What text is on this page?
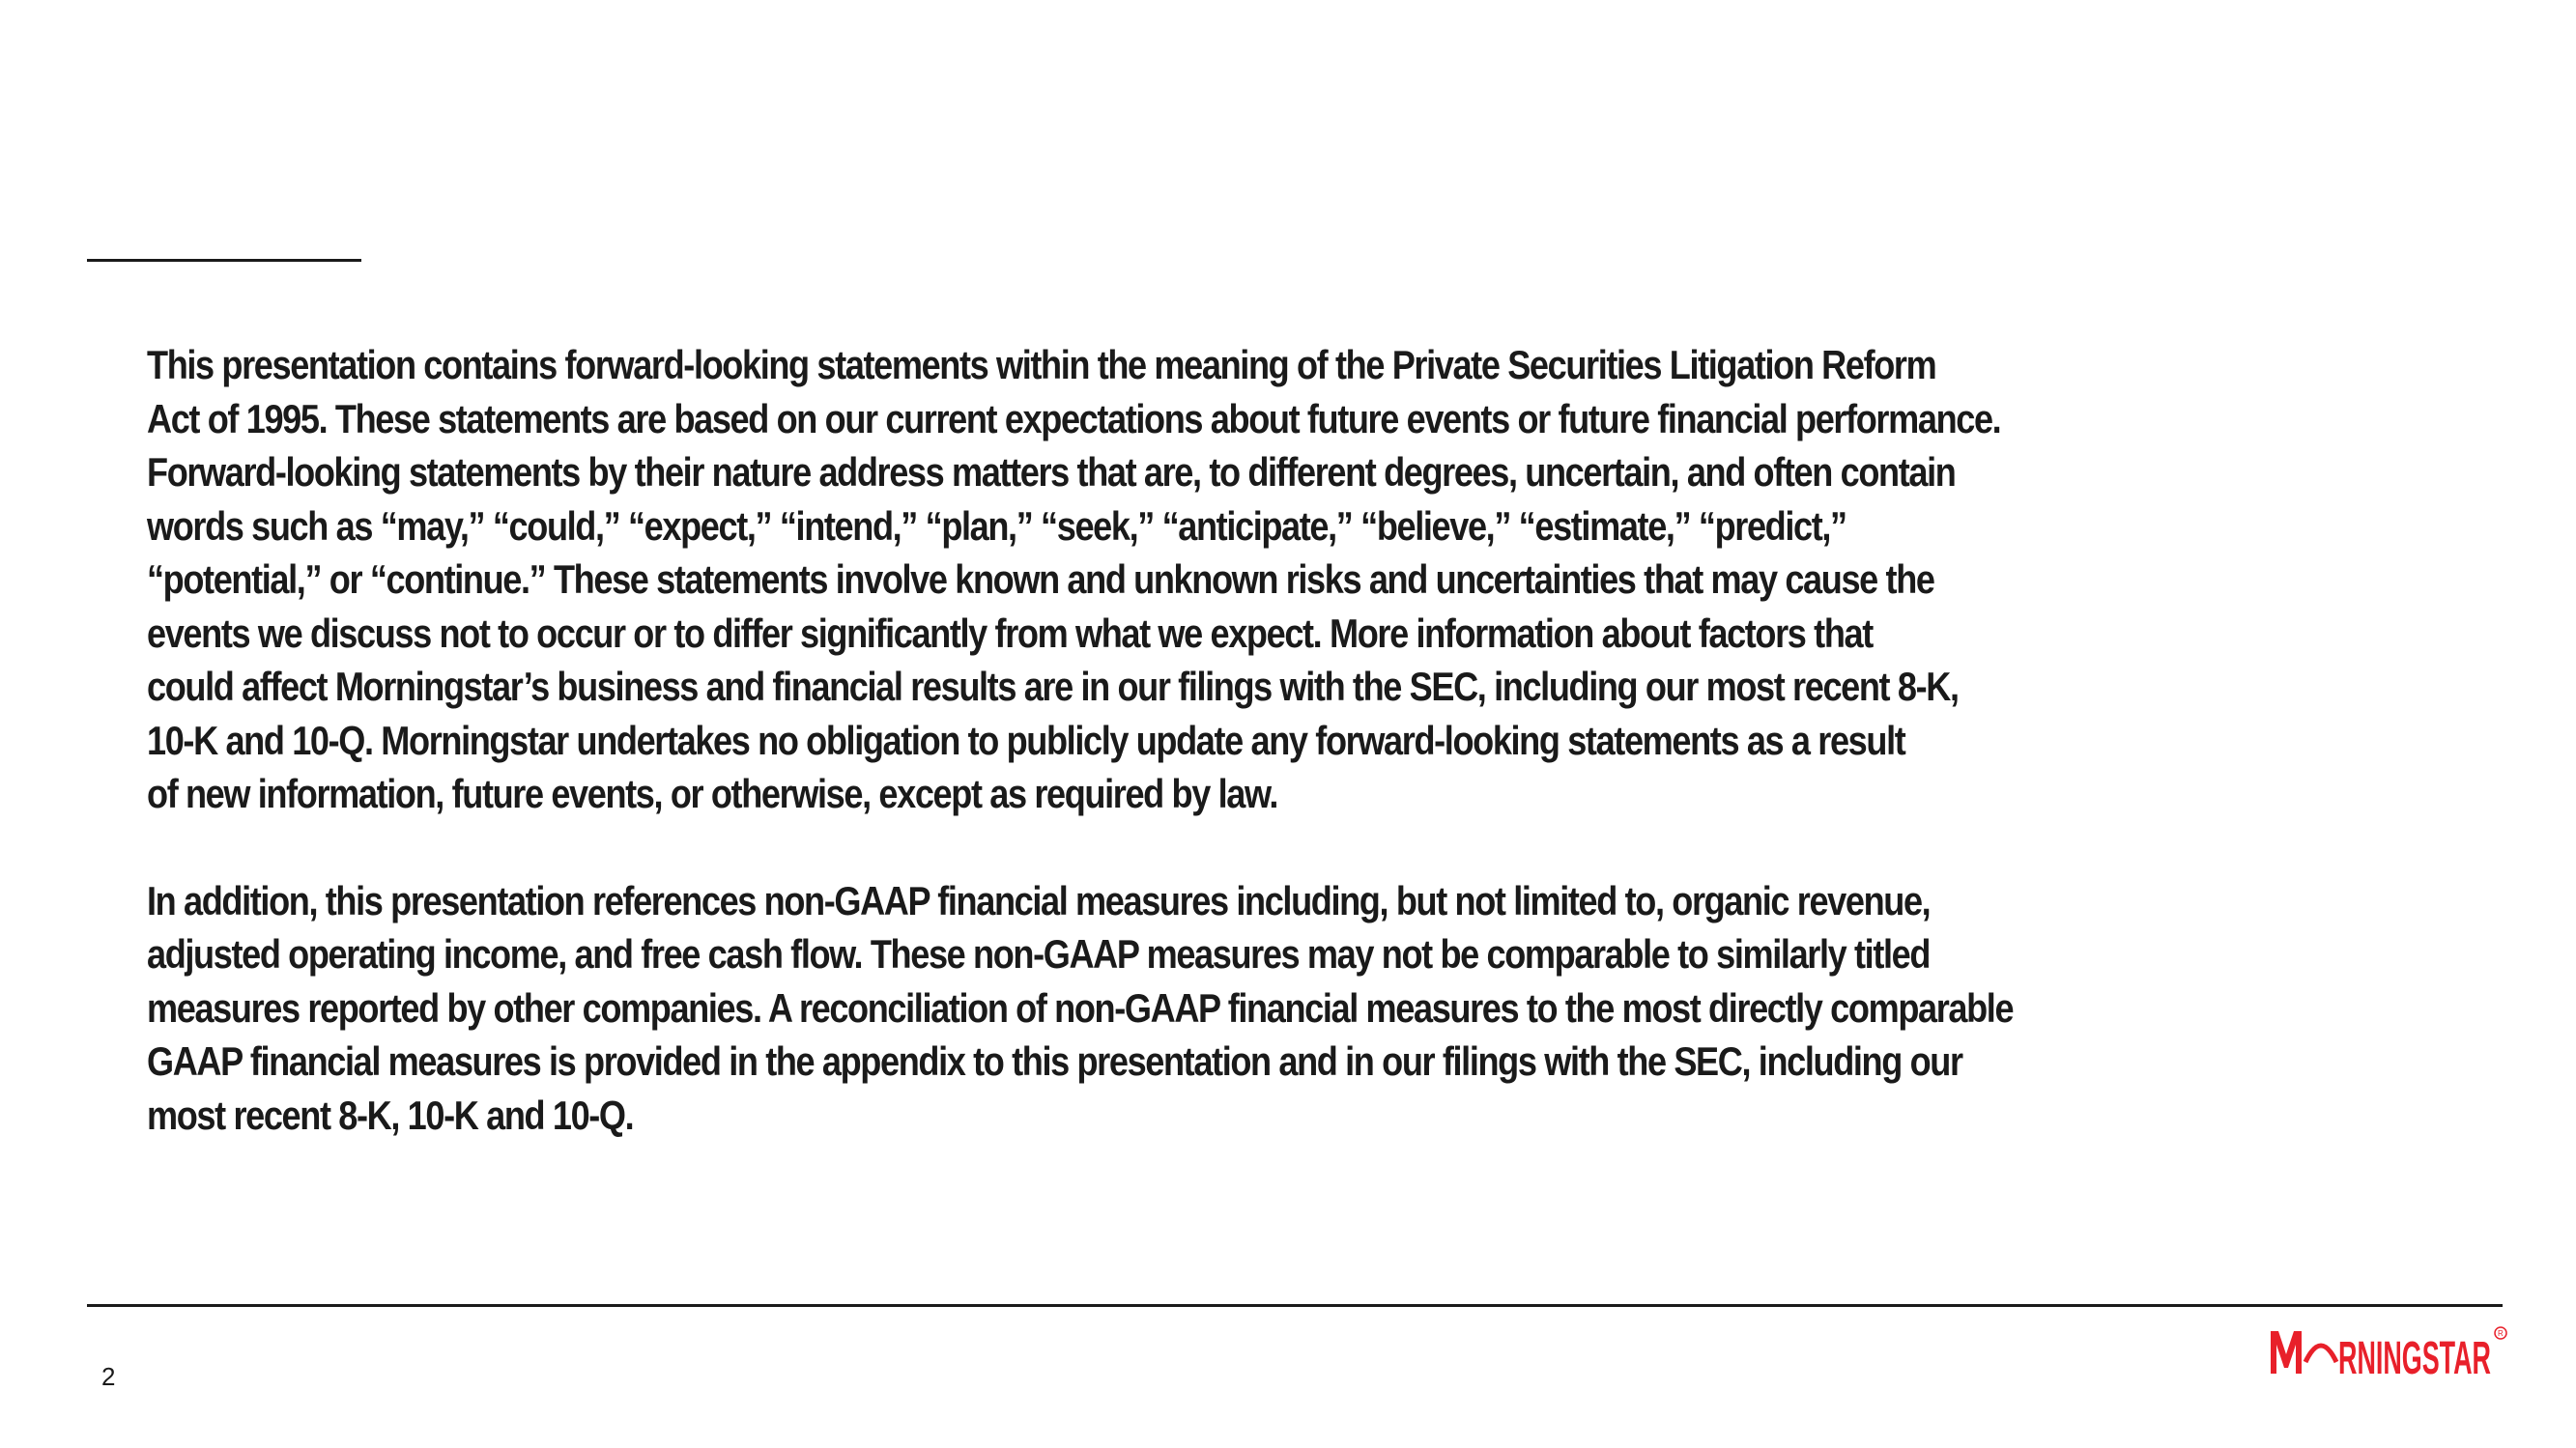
This presentation contains forward-looking statements within the meaning of the Private Securities Litigation Reform
Act of 1995. These statements are based on our current expectations about future events or future financial performance.
Forward-looking statements by their nature address matters that are, to different degrees, uncertain, and often contain
words such as “may,” “could,” “expect,” “intend,” “plan,” “seek,” “anticipate,” “believe,” “estimate,” “predict,”
“potential,” or “continue.” These statements involve known and unknown risks and uncertainties that may cause the
events we discuss not to occur or to differ significantly from what we expect. More information about factors that
could affect Morningstar’s business and financial results are in our filings with the SEC, including our most recent 8-K,
10-K and 10-Q. Morningstar undertakes no obligation to publicly update any forward-looking statements as a result
of new information, future events, or otherwise, except as required by law.

In addition, this presentation references non-GAAP financial measures including, but not limited to, organic revenue,
adjusted operating income, and free cash flow. These non-GAAP measures may not be comparable to similarly titled
measures reported by other companies. A reconciliation of non-GAAP financial measures to the most directly comparable
GAAP financial measures is provided in the appendix to this presentation and in our filings with the SEC, including our
most recent 8-K, 10-K and 10-Q.

2	RNINGSTAR R
